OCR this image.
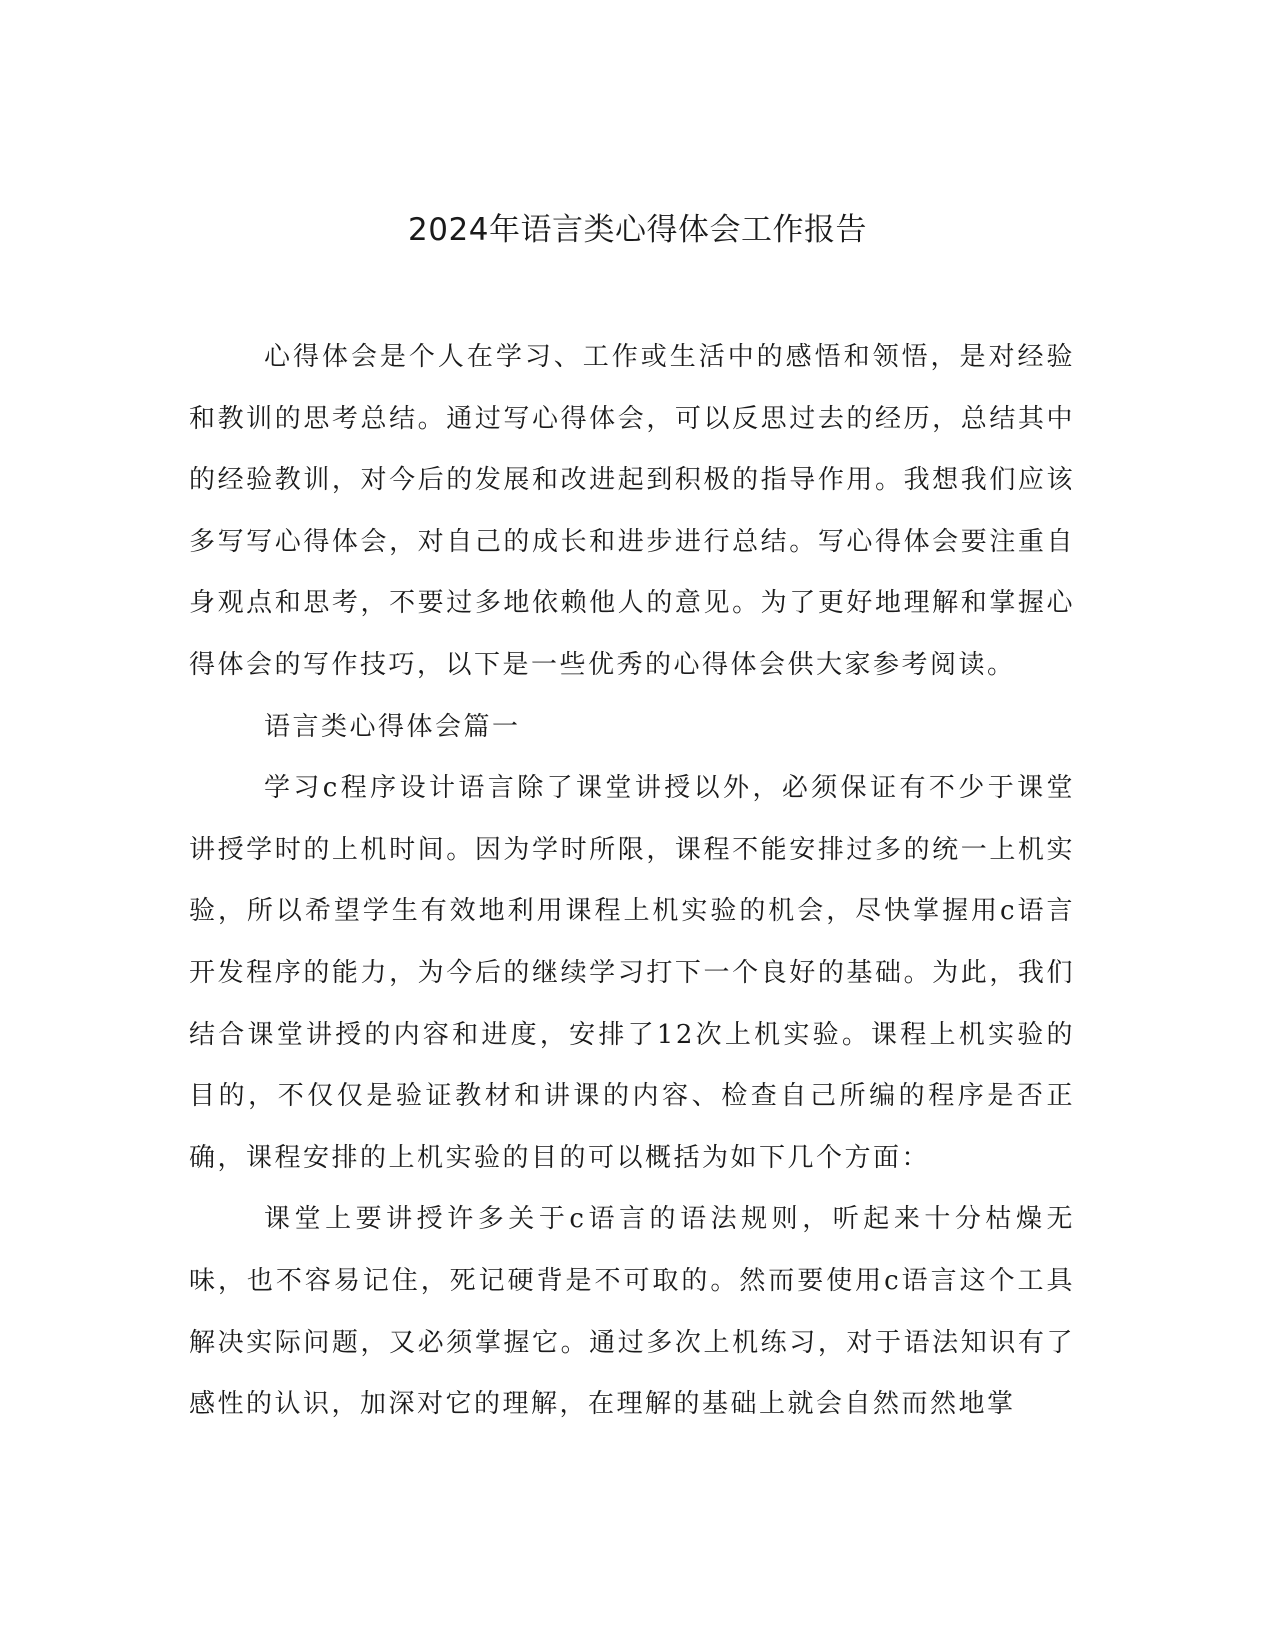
2024年语言类心得体会工作报告

心得体会是个人在学习、工作或生活中的感悟和领悟，是对经验和教训的思考总结。通过写心得体会，可以反思过去的经历，总结其中的经验教训，对今后的发展和改进起到积极的指导作用。我想我们应该多写写心得体会，对自己的成长和进步进行总结。写心得体会要注重自身观点和思考，不要过多地依赖他人的意见。为了更好地理解和掌握心得体会的写作技巧，以下是一些优秀的心得体会供大家参考阅读。

语言类心得体会篇一

学习c程序设计语言除了课堂讲授以外，必须保证有不少于课堂讲授学时的上机时间。因为学时所限，课程不能安排过多的统一上机实验，所以希望学生有效地利用课程上机实验的机会，尽快掌握用c语言开发程序的能力，为今后的继续学习打下一个良好的基础。为此，我们结合课堂讲授的内容和进度，安排了12次上机实验。课程上机实验的目的，不仅仅是验证教材和讲课的内容、检查自己所编的程序是否正确，课程安排的上机实验的目的可以概括为如下几个方面：

课堂上要讲授许多关于c语言的语法规则，听起来十分枯燥无味，也不容易记住，死记硬背是不可取的。然而要使用c语言这个工具解决实际问题，又必须掌握它。通过多次上机练习，对于语法知识有了感性的认识，加深对它的理解，在理解的基础上就会自然而然地掌
